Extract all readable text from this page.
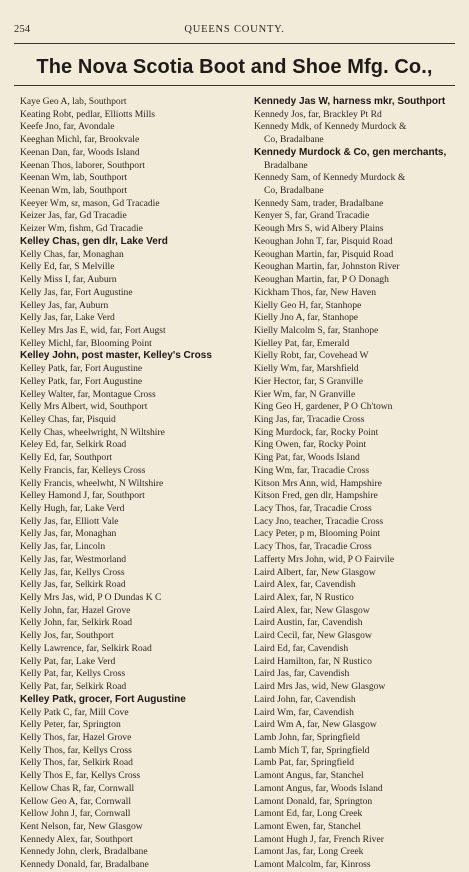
254	QUEENS COUNTY.
The Nova Scotia Boot and Shoe Mfg. Co.,
Kaye Geo A, lab, Southport
Keating Robt, pedlar, Elliotts Mills
Keefe Jno, far, Avondale
Keeghan Michl, far, Brookvale
Keenan Dan, far, Woods Island
Keenan Thos, laborer, Southport
Keenan Wm, lab, Southport
Keenan Wm, lab, Southport
Keeyer Wm, sr, mason, Gd Tracadie
Keizer Jas, far, Gd Tracadie
Keizer Wm, fishm, Gd Tracadie
Kelley Chas, gen dlr, Lake Verd
Kelly Chas, far, Monaghan
Kelly Ed, far, S Melville
Kelly Miss I, far, Auburn
Kelly Jas, far, Fort Augustine
Kelley Jas, far, Auburn
Kelly Jas, far, Lake Verd
Kelley Mrs Jas E, wid, far, Fort Augst
Kelley Michl, far, Blooming Point
Kelley John, post master, Kelley's Cross
Kelley Patk, far, Fort Augustine
Kelley Patk, far, Fort Augustine
Kelley Walter, far, Montague Cross
Kelly Mrs Albert, wid, Southport
Kelley Chas, far, Pisquid
Kelly Chas, wheelwright, N Wiltshire
Keley Ed, far, Selkirk Road
Kelly Ed, far, Southport
Kelly Francis, far, Kelleys Cross
Kelly Francis, wheelwht, N Wiltshire
Kelley Hamond J, far, Southport
Kelly Hugh, far, Lake Verd
Kelly Jas, far, Elliott Vale
Kelly Jas, far, Monaghan
Kelly Jas, far, Lincoln
Kelly Jas, far, Westmorland
Kelly Jas, far, Kellys Cross
Kelly Jas, far, Selkirk Road
Kelly Mrs Jas, wid, P O Dundas K C
Kelly John, far, Hazel Grove
Kelly John, far, Selkirk Road
Kelly Jos, far, Southport
Kelly Lawrence, far, Selkirk Road
Kelly Pat, far, Lake Verd
Kelly Pat, far, Kellys Cross
Kelly Pat, far, Selkirk Road
Kelley Patk, grocer, Fort Augustine
Kelly Patk C, far, Mill Cove
Kelly Peter, far, Springton
Kelly Thos, far, Hazel Grove
Kelly Thos, far, Kellys Cross
Kelly Thos, far, Selkirk Road
Kelly Thos E, far, Kellys Cross
Kellow Chas R, far, Cornwall
Kellow Geo A, far, Cornwall
Kellow John J, far, Cornwall
Kent Nelson, far, New Glasgow
Kennedy Alex, far, Southport
Kennedy John, clerk, Bradalbane
Kennedy Donald, far, Bradalbane
Kennedy Jas W, harness mkr, Southport
Kennedy Jos, far, Brackley Pt Rd
Kennedy Mdk, of Kennedy Murdock &
Co, Bradalbane
Kennedy Murdock & Co, gen merchants,
Bradalbane
Kennedy Sam, of Kennedy Murdock &
Co, Bradalbane
Kennedy Sam, trader, Bradalbane
Kenyer S, far, Grand Tracadie
Keough Mrs S, wid Albery Plains
Keoughan John T, far, Pisquid Road
Keoughan Martin, far, Pisquid Road
Keoughan Martin, far, Johnston River
Keoughan Martin, far, P O Donagh
Kickham Thos, far, New Haven
Kielly Geo H, far, Stanhope
Kielly Jno A, far, Stanhope
Kielly Malcolm S, far, Stanhope
Kielley Pat, far, Emerald
Kielly Robt, far, Covehead W
Kielly Wm, far, Marshfield
Kier Hector, far, S Granville
Kier Wm, far, N Granville
King Geo H, gardener, P O Ch'town
King Jas, far, Tracadie Cross
King Murdock, far, Rocky Point
King Owen, far, Rocky Point
King Pat, far, Woods Island
King Wm, far, Tracadie Cross
Kitson Mrs Ann, wid, Hampshire
Kitson Fred, gen dlr, Hampshire
Lacy Thos, far, Tracadie Cross
Lacy Jno, teacher, Tracadie Cross
Lacy Peter, p m, Blooming Point
Lacy Thos, far, Tracadie Cross
Lafferty Mrs John, wid, P O Fairvile
Laird Albert, far, New Glasgow
Laird Alex, far, Cavendish
Laird Alex, far, N Rustico
Laird Alex, far, New Glasgow
Laird Austin, far, Cavendish
Laird Cecil, far, New Glasgow
Laird Ed, far, Cavendish
Laird Hamilton, far, N Rustico
Laird Jas, far, Cavendish
Laird Mrs Jas, wid, New Glasgow
Laird John, far, Cavendish
Laird Wm, far, Cavendish
Laird Wm A, far, New Glasgow
Lamb John, far, Springfield
Lamb Mich T, far, Springfield
Lamb Pat, far, Springfield
Lamont Angus, far, Stanchel
Lamont Angus, far, Woods Island
Lamont Donald, far, Springton
Lamont Ed, far, Long Creek
Lamont Ewen, far, Stanchel
Lamont Hugh J, far, French River
Lamont Jas, far, Long Creek
Lamont Malcolm, far, Kinross
